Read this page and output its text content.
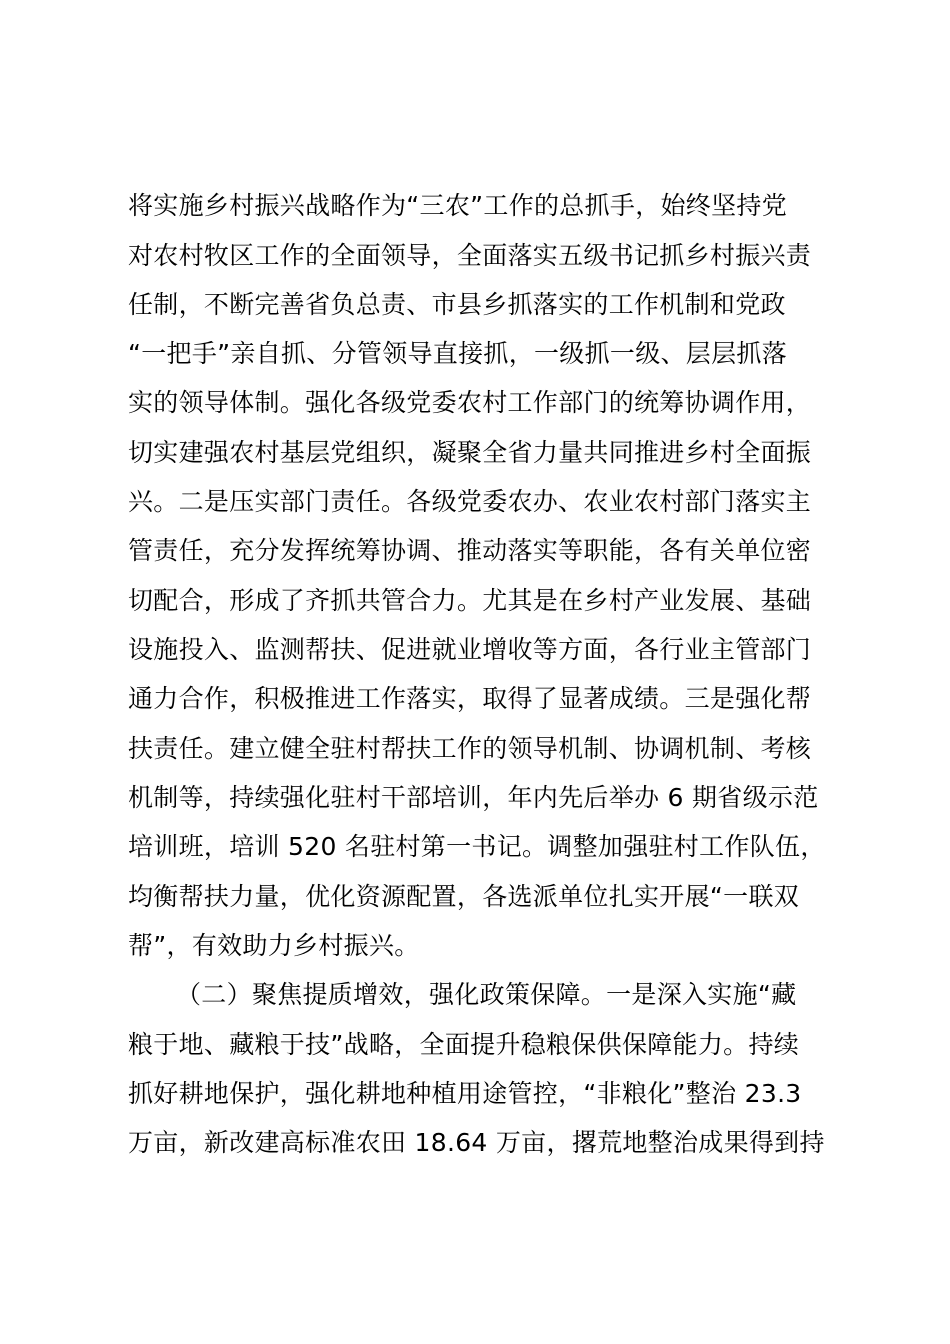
将实施乡村振兴战略作为“三农”工作的总抓手，始终坚持党
对农村牧区工作的全面领导，全面落实五级书记抓乡村振兴责
任制，不断完善省负总责、市县乡抓落实的工作机制和党政
“一把手”亲自抓、分管领导直接抓，一级抓一级、层层抓落
实的领导体制。强化各级党委农村工作部门的统筹协调作用，
切实建强农村基层党组织，凝聚全省力量共同推进乡村全面振
兴。二是压实部门责任。各级党委农办、农业农村部门落实主
管责任，充分发挥统筹协调、推动落实等职能，各有关单位密
切配合，形成了齐抓共管合力。尤其是在乡村产业发展、基础
设施投入、监测帮扶、促进就业增收等方面，各行业主管部门
通力合作，积极推进工作落实，取得了显著成绩。三是强化帮
扶责任。建立健全驻村帮扶工作的领导机制、协调机制、考核
机制等，持续强化驻村干部培训，年内先后举办 6 期省级示范
培训班，培训 520 名驻村第一书记。调整加强驻村工作队伍，
均衡帮扶力量，优化资源配置，各选派单位扎实开展“一联双
帮”，有效助力乡村振兴。
（二）聚焦提质增效，强化政策保障。一是深入实施“藏
粮于地、藏粮于技”战略，全面提升稳粮保供保障能力。持续
抓好耕地保护，强化耕地种植用途管控，“非粮化”整治 23.3
万亩，新改建高标准农田 18.64 万亩，撂荒地整治成果得到持
